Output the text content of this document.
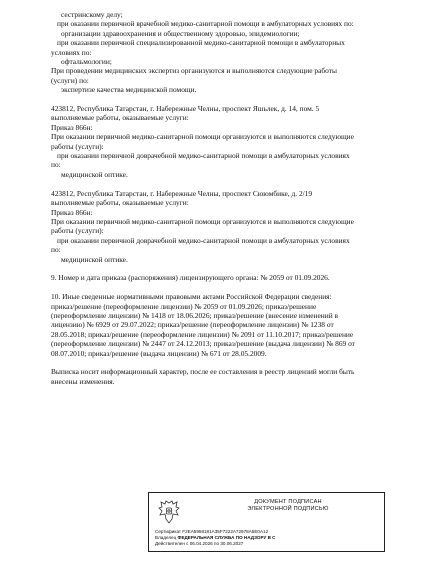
сестринскому делу;
при оказании первичной врачебной медико-санитарной помощи в амбулаторных условиях по:
организации здравоохранения и общественному здоровью, эпидемиологии;
при оказании первичной специализированной медико-санитарной помощи в амбулаторных
условиях по:
офтальмологии;
При проведении медицинских экспертиз организуются и выполняются следующие работы
(услуги) по:
экспертизе качества медицинской помощи.
423812, Республика Татарстан, г. Набережные Челны, проспект Яшьлек, д. 14, пом. 5
выполняемые работы, оказываемые услуги:
Приказ 866н:
При оказании первичной медико-санитарной помощи организуются и выполняются следующие
работы (услуги):
при оказании первичной доврачебной медико-санитарной помощи в амбулаторных условиях
по:
медицинской оптике.
423812, Республика Татарстан, г. Набережные Челны, проспект Сююмбике, д. 2/19
выполняемые работы, оказываемые услуги:
Приказ 866н:
При оказании первичной медико-санитарной помощи организуются и выполняются следующие
работы (услуги):
при оказании первичной доврачебной медико-санитарной помощи в амбулаторных условиях
по:
медицинской оптике.
9. Номер и дата приказа (распоряжения) лицензирующего органа: № 2059 от 01.09.2026.
10. Иные сведенные нормативными правовыми актами Российской Федерации сведения:
приказ/решение (переоформление лицензии) № 2059 от 01.09.2026; приказ/решение
(переоформление лицензии) № 1418 от 18.06.2026; приказ/решение (внесение изменений в
лицензию) № 6929 от 29.07.2022; приказ/решение (переоформление лицензии) № 1238 от
28.05.2018; приказ/решение (переоформление лицензии) № 2091 от 11.10.2017; приказ/решение
(переоформление лицензии) № 2447 от 24.12.2013; приказ/решение (выдача лицензии) № 869 от
08.07.2010; приказ/решение (выдача лицензии) № 671 от 28.05.2009.
Выписка носит информационный характер, после ее составления в реестр лицензий могли быть
внесены изменения.
ДОКУМЕНТ ПОДПИСАН
ЭЛЕКТРОННОЙ ПОДПИСЬЮ
Сертификат F2EA5958181A35F7222A72978A5E0A12
Владелец ФЕДЕРАЛЬНАЯ СЛУЖБА ПО НАДЗОРУ В С
Действителен с 06.04.2026 по 30.06.2027
